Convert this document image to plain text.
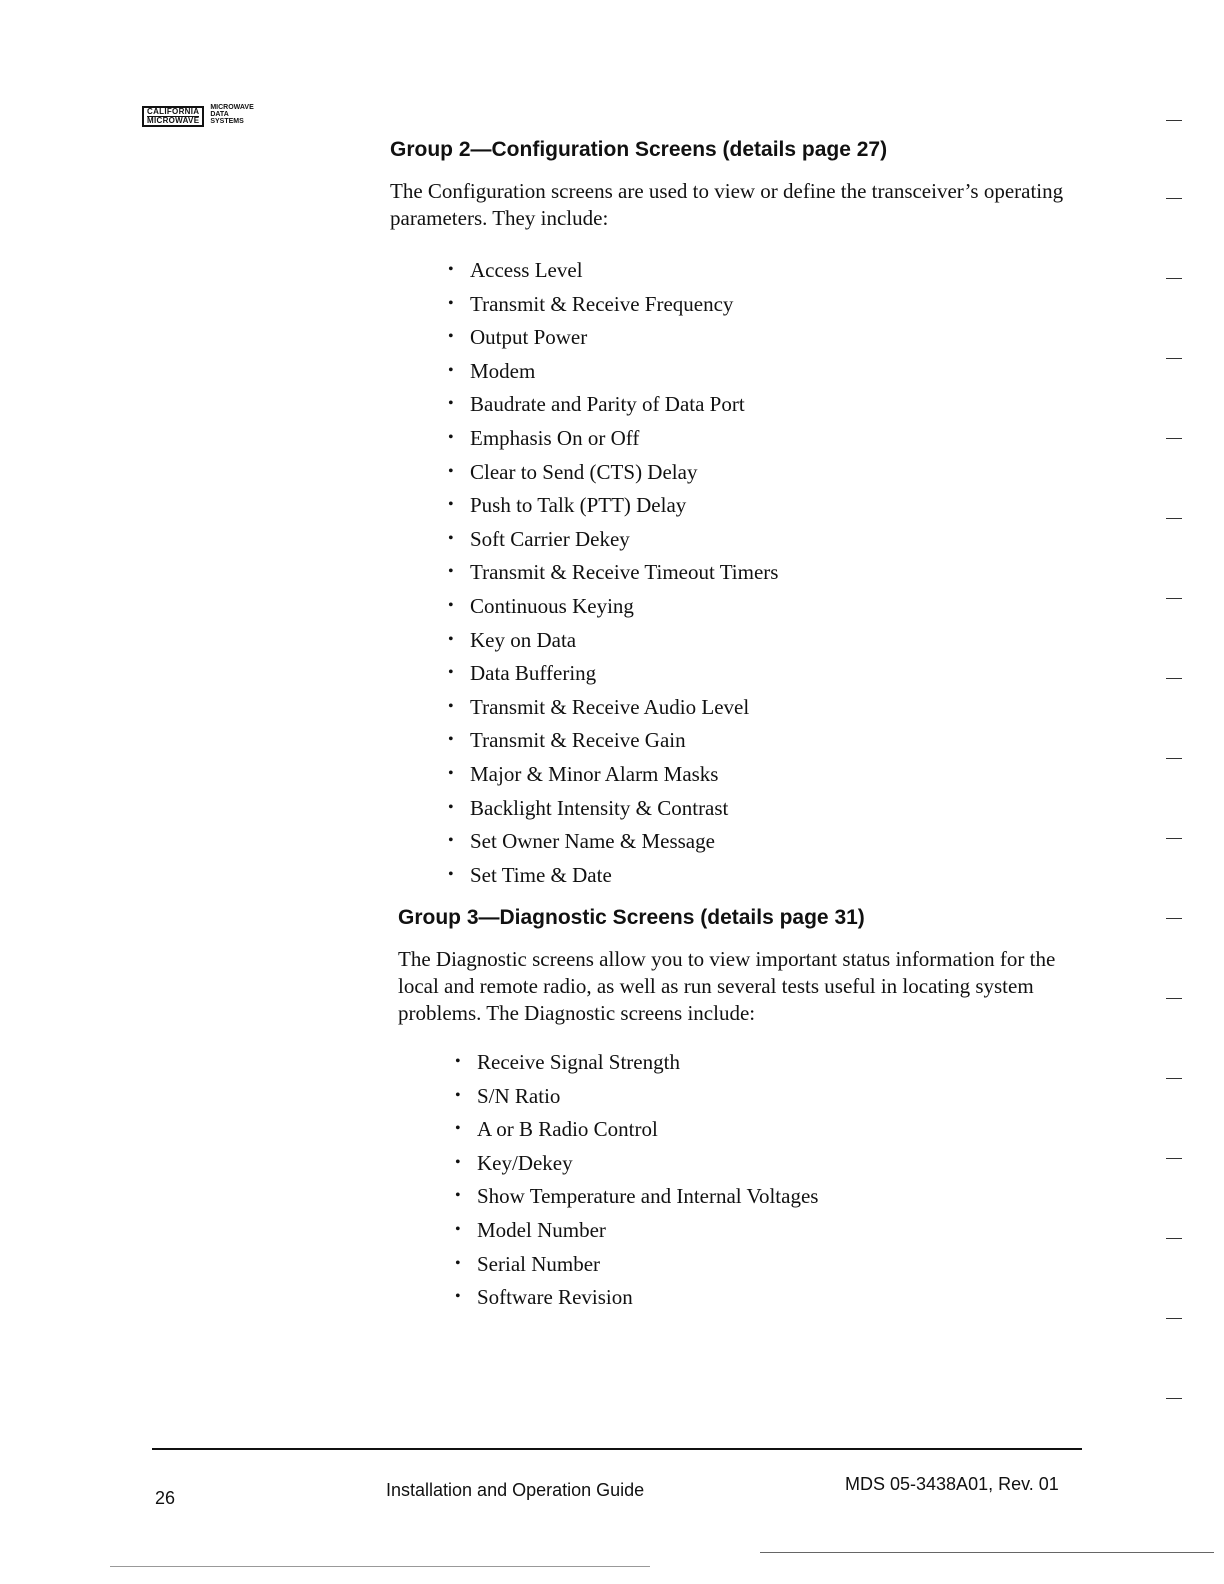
CALIFORNIA
MICROWAVE
MICROWAVE
DATA
SYSTEMS
Group 2—Configuration Screens (details page 27)

The Configuration screens are used to view or define the transceiver’s operating parameters. They include:

• Access Level
• Transmit & Receive Frequency
• Output Power
• Modem
• Baudrate and Parity of Data Port
• Emphasis On or Off
• Clear to Send (CTS) Delay
• Push to Talk (PTT) Delay
• Soft Carrier Dekey
• Transmit & Receive Timeout Timers
• Continuous Keying
• Key on Data
• Data Buffering
• Transmit & Receive Audio Level
• Transmit & Receive Gain
• Major & Minor Alarm Masks
• Backlight Intensity & Contrast
• Set Owner Name & Message
• Set Time & Date
Group 3—Diagnostic Screens (details page 31)

The Diagnostic screens allow you to view important status information for the local and remote radio, as well as run several tests useful in locating system problems. The Diagnostic screens include:

• Receive Signal Strength
• S/N Ratio
• A or B Radio Control
• Key/Dekey
• Show Temperature and Internal Voltages
• Model Number
• Serial Number
• Software Revision
26	Installation and Operation Guide	MDS 05-3438A01, Rev. 01
